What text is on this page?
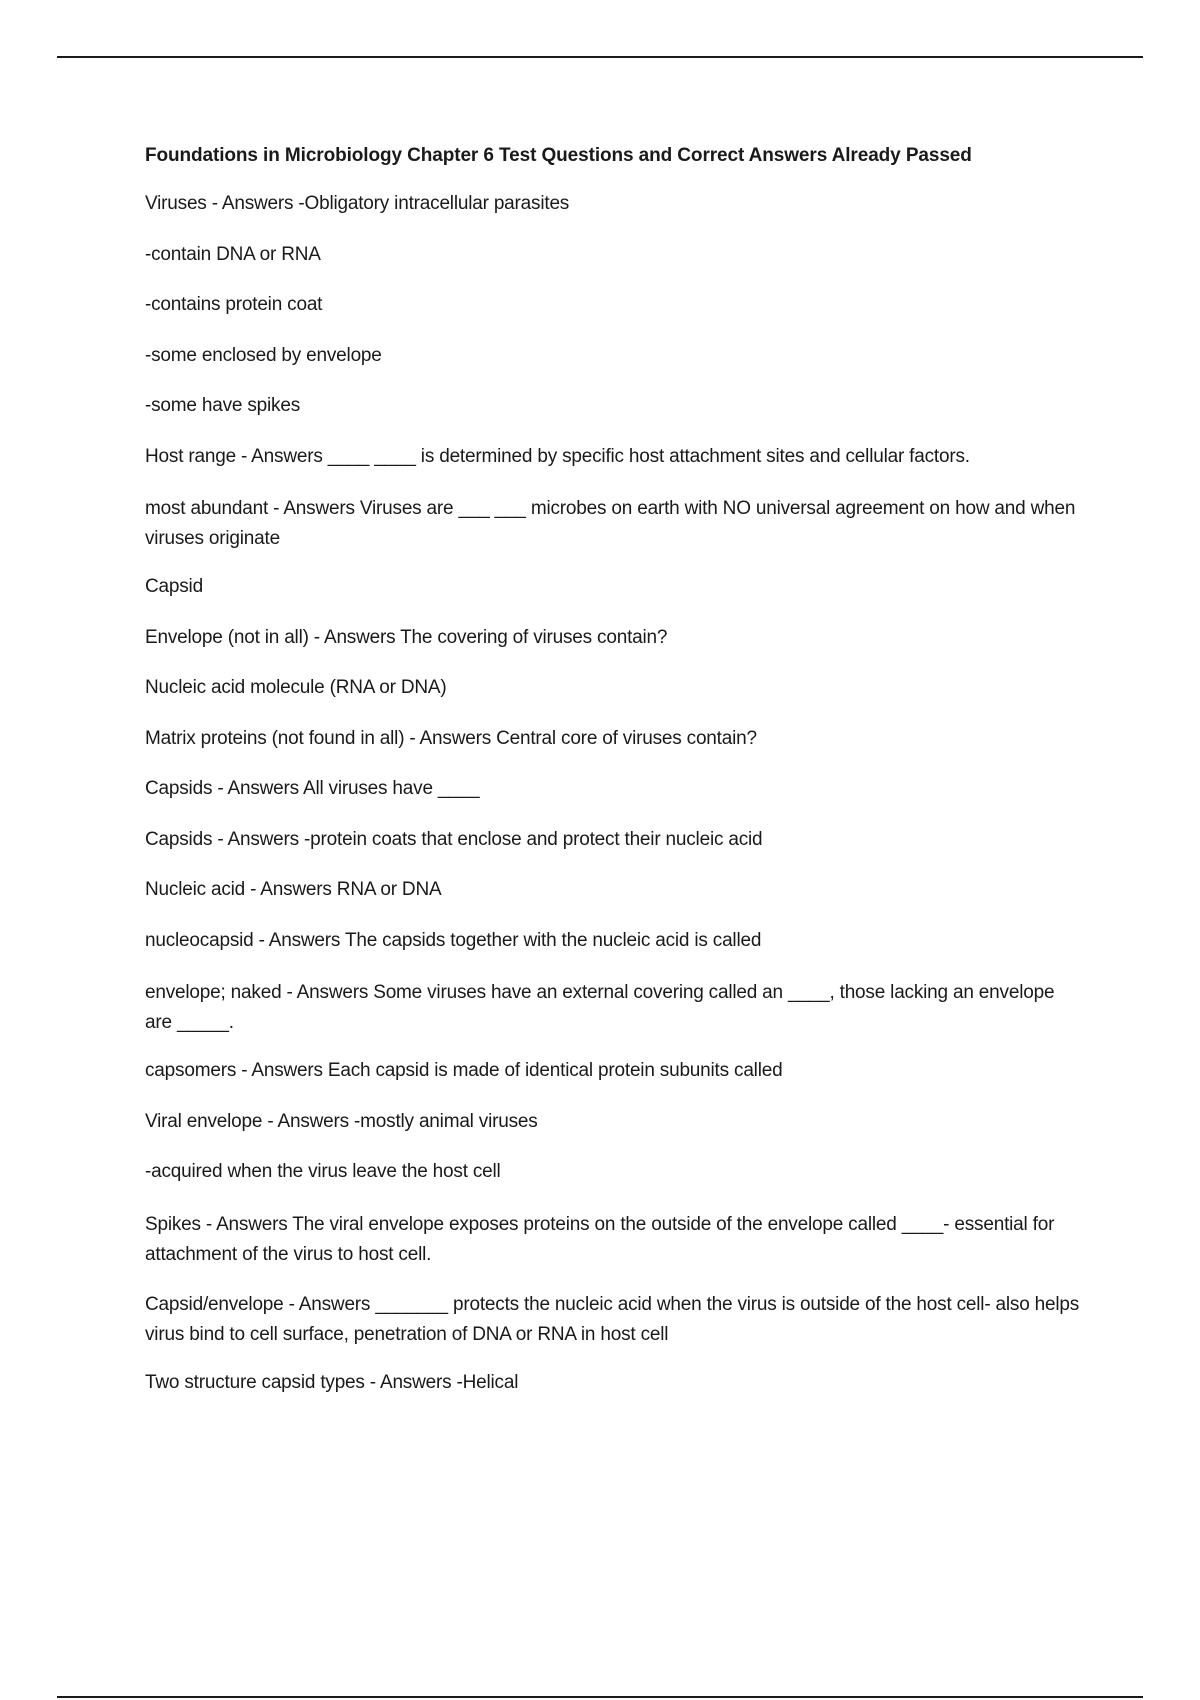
Foundations in Microbiology Chapter 6 Test Questions and Correct Answers Already Passed
Viruses - Answers -Obligatory intracellular parasites
-contain DNA or RNA
-contains protein coat
-some enclosed by envelope
-some have spikes
Host range - Answers ____ ____ is determined by specific host attachment sites and cellular factors.
most abundant - Answers Viruses are ___ ___ microbes on earth with NO universal agreement on how and when viruses originate
Capsid
Envelope (not in all) - Answers The covering of viruses contain?
Nucleic acid molecule (RNA or DNA)
Matrix proteins (not found in all) - Answers Central core of viruses contain?
Capsids - Answers All viruses have ____
Capsids - Answers -protein coats that enclose and protect their nucleic acid
Nucleic acid - Answers RNA or DNA
nucleocapsid - Answers The capsids together with the nucleic acid is called
envelope; naked - Answers Some viruses have an external covering called an ____, those lacking an envelope are _____.
capsomers - Answers Each capsid is made of identical protein subunits called
Viral envelope - Answers -mostly animal viruses
-acquired when the virus leave the host cell
Spikes - Answers The viral envelope exposes proteins on the outside of the envelope called ____- essential for attachment of the virus to host cell.
Capsid/envelope - Answers _______ protects the nucleic acid when the virus is outside of the host cell- also helps virus bind to cell surface, penetration of DNA or RNA in host cell
Two structure capsid types - Answers -Helical
